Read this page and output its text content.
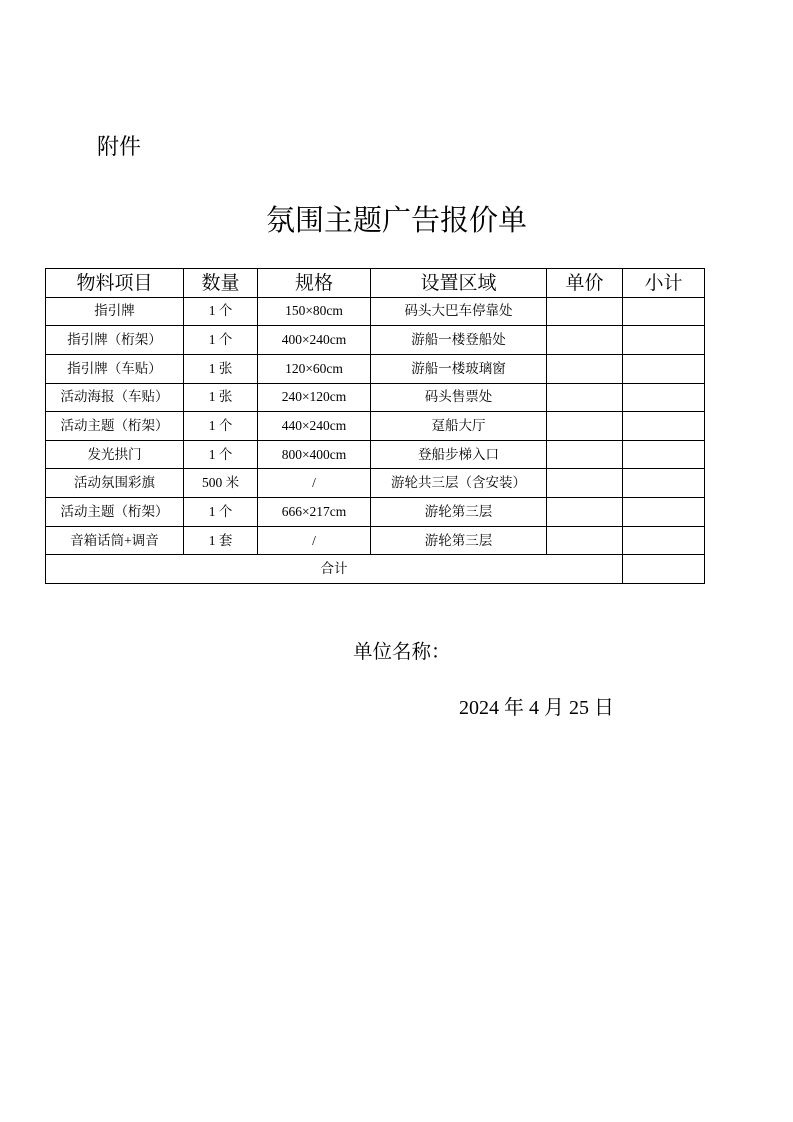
附件
氛围主题广告报价单
物料项目	数量	规格	设置区域	单价	小计
指引牌	1 个	150×80cm	码头大巴车停靠处		
指引牌（桁架）	1 个	400×240cm	游船一楼登船处		
指引牌（车贴）	1 张	120×60cm	游船一楼玻璃窗		
活动海报（车贴）	1 张	240×120cm	码头售票处		
活动主题（桁架）	1 个	440×240cm	趸船大厅		
发光拱门	1 个	800×400cm	登船步梯入口		
活动氛围彩旗	500 米	/	游轮共三层（含安装）		
活动主题（桁架）	1 个	666×217cm	游轮第三层		
音箱话筒+调音	1 套	/	游轮第三层		
合计					
单位名称：
2024 年 4 月 25 日
